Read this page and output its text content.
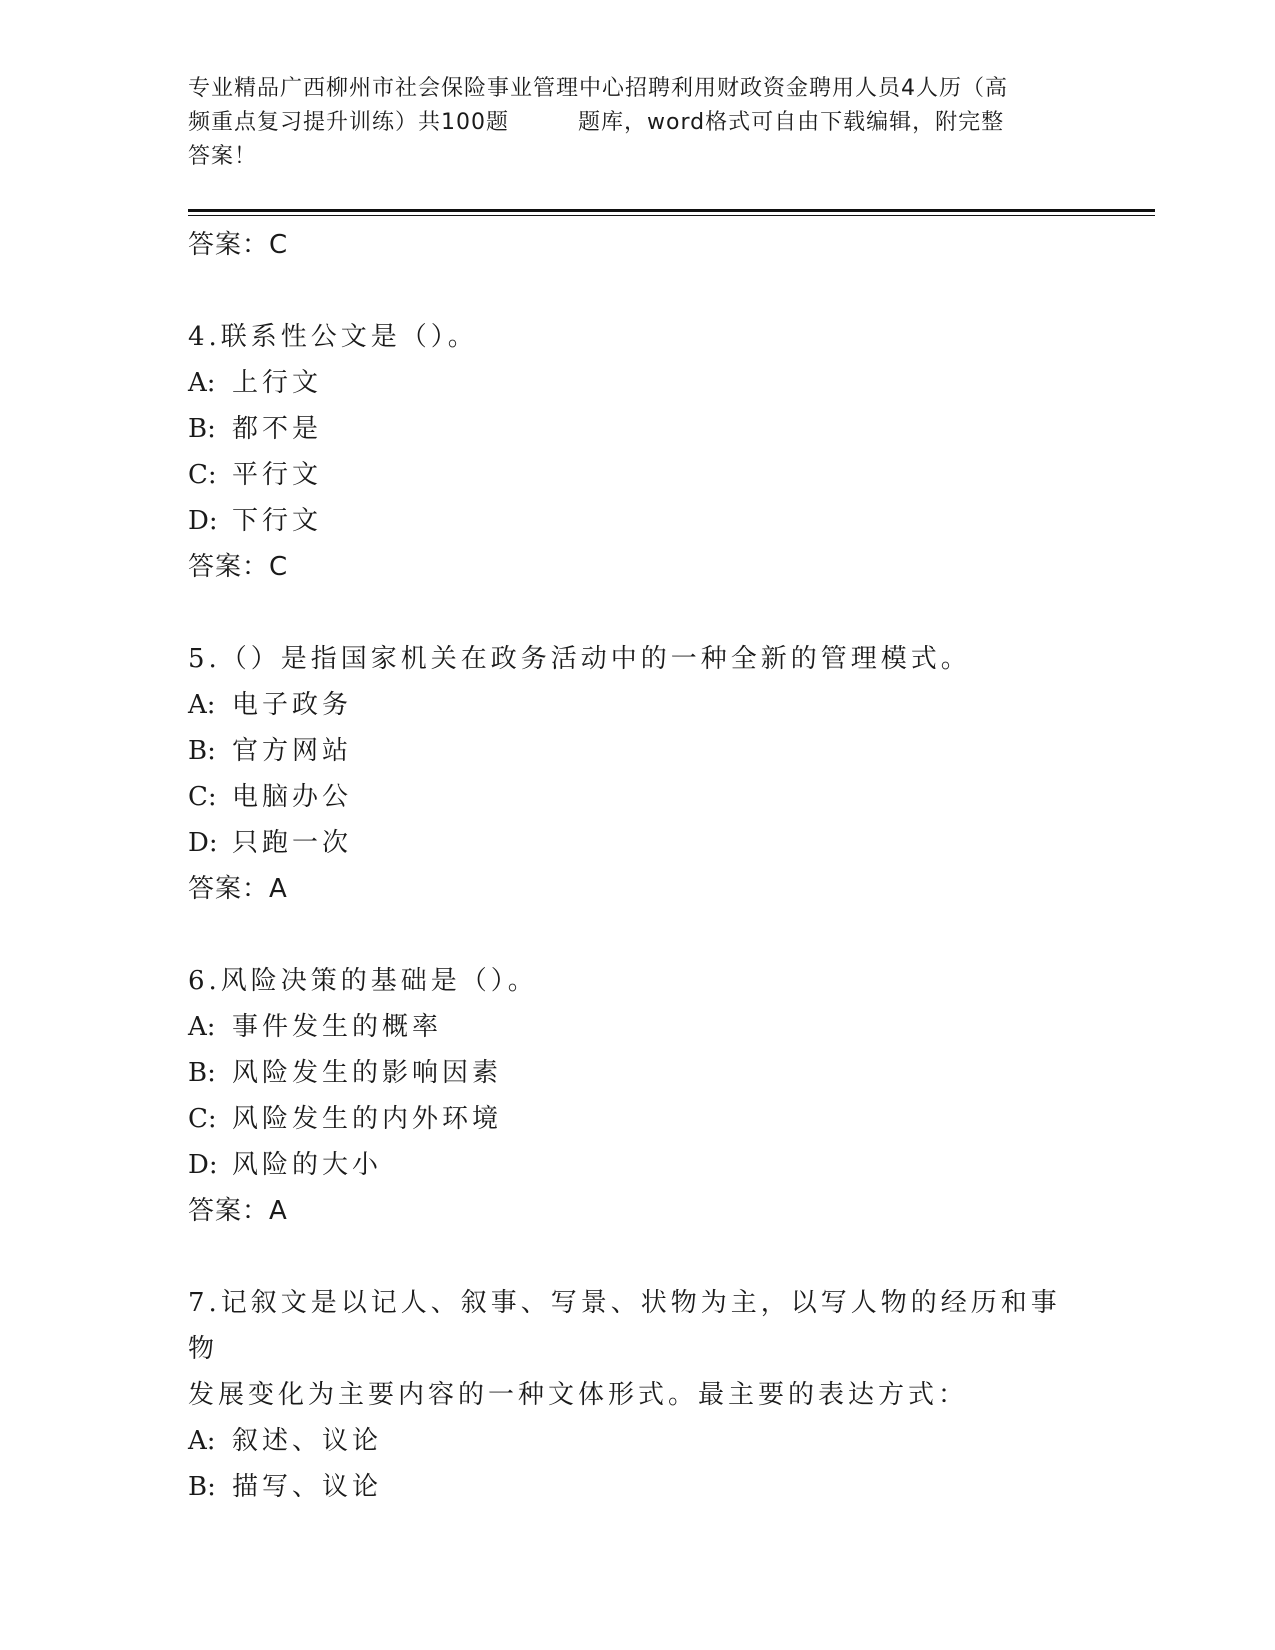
专业精品广西柳州市社会保险事业管理中心招聘利用财政资金聘用人员4人历（高
频重点复习提升训练）共100题　　　题库，word格式可自由下载编辑，附完整
答案！
答案：C
4.联系性公文是（）。
A: 上行文
B: 都不是
C: 平行文
D: 下行文
答案：C
5.（）是指国家机关在政务活动中的一种全新的管理模式。
A: 电子政务
B: 官方网站
C: 电脑办公
D: 只跑一次
答案：A
6.风险决策的基础是（）。
A: 事件发生的概率
B: 风险发生的影响因素
C: 风险发生的内外环境
D: 风险的大小
答案：A
7.记叙文是以记人、叙事、写景、状物为主，以写人物的经历和事物
发展变化为主要内容的一种文体形式。最主要的表达方式：
A: 叙述、议论
B: 描写、议论
